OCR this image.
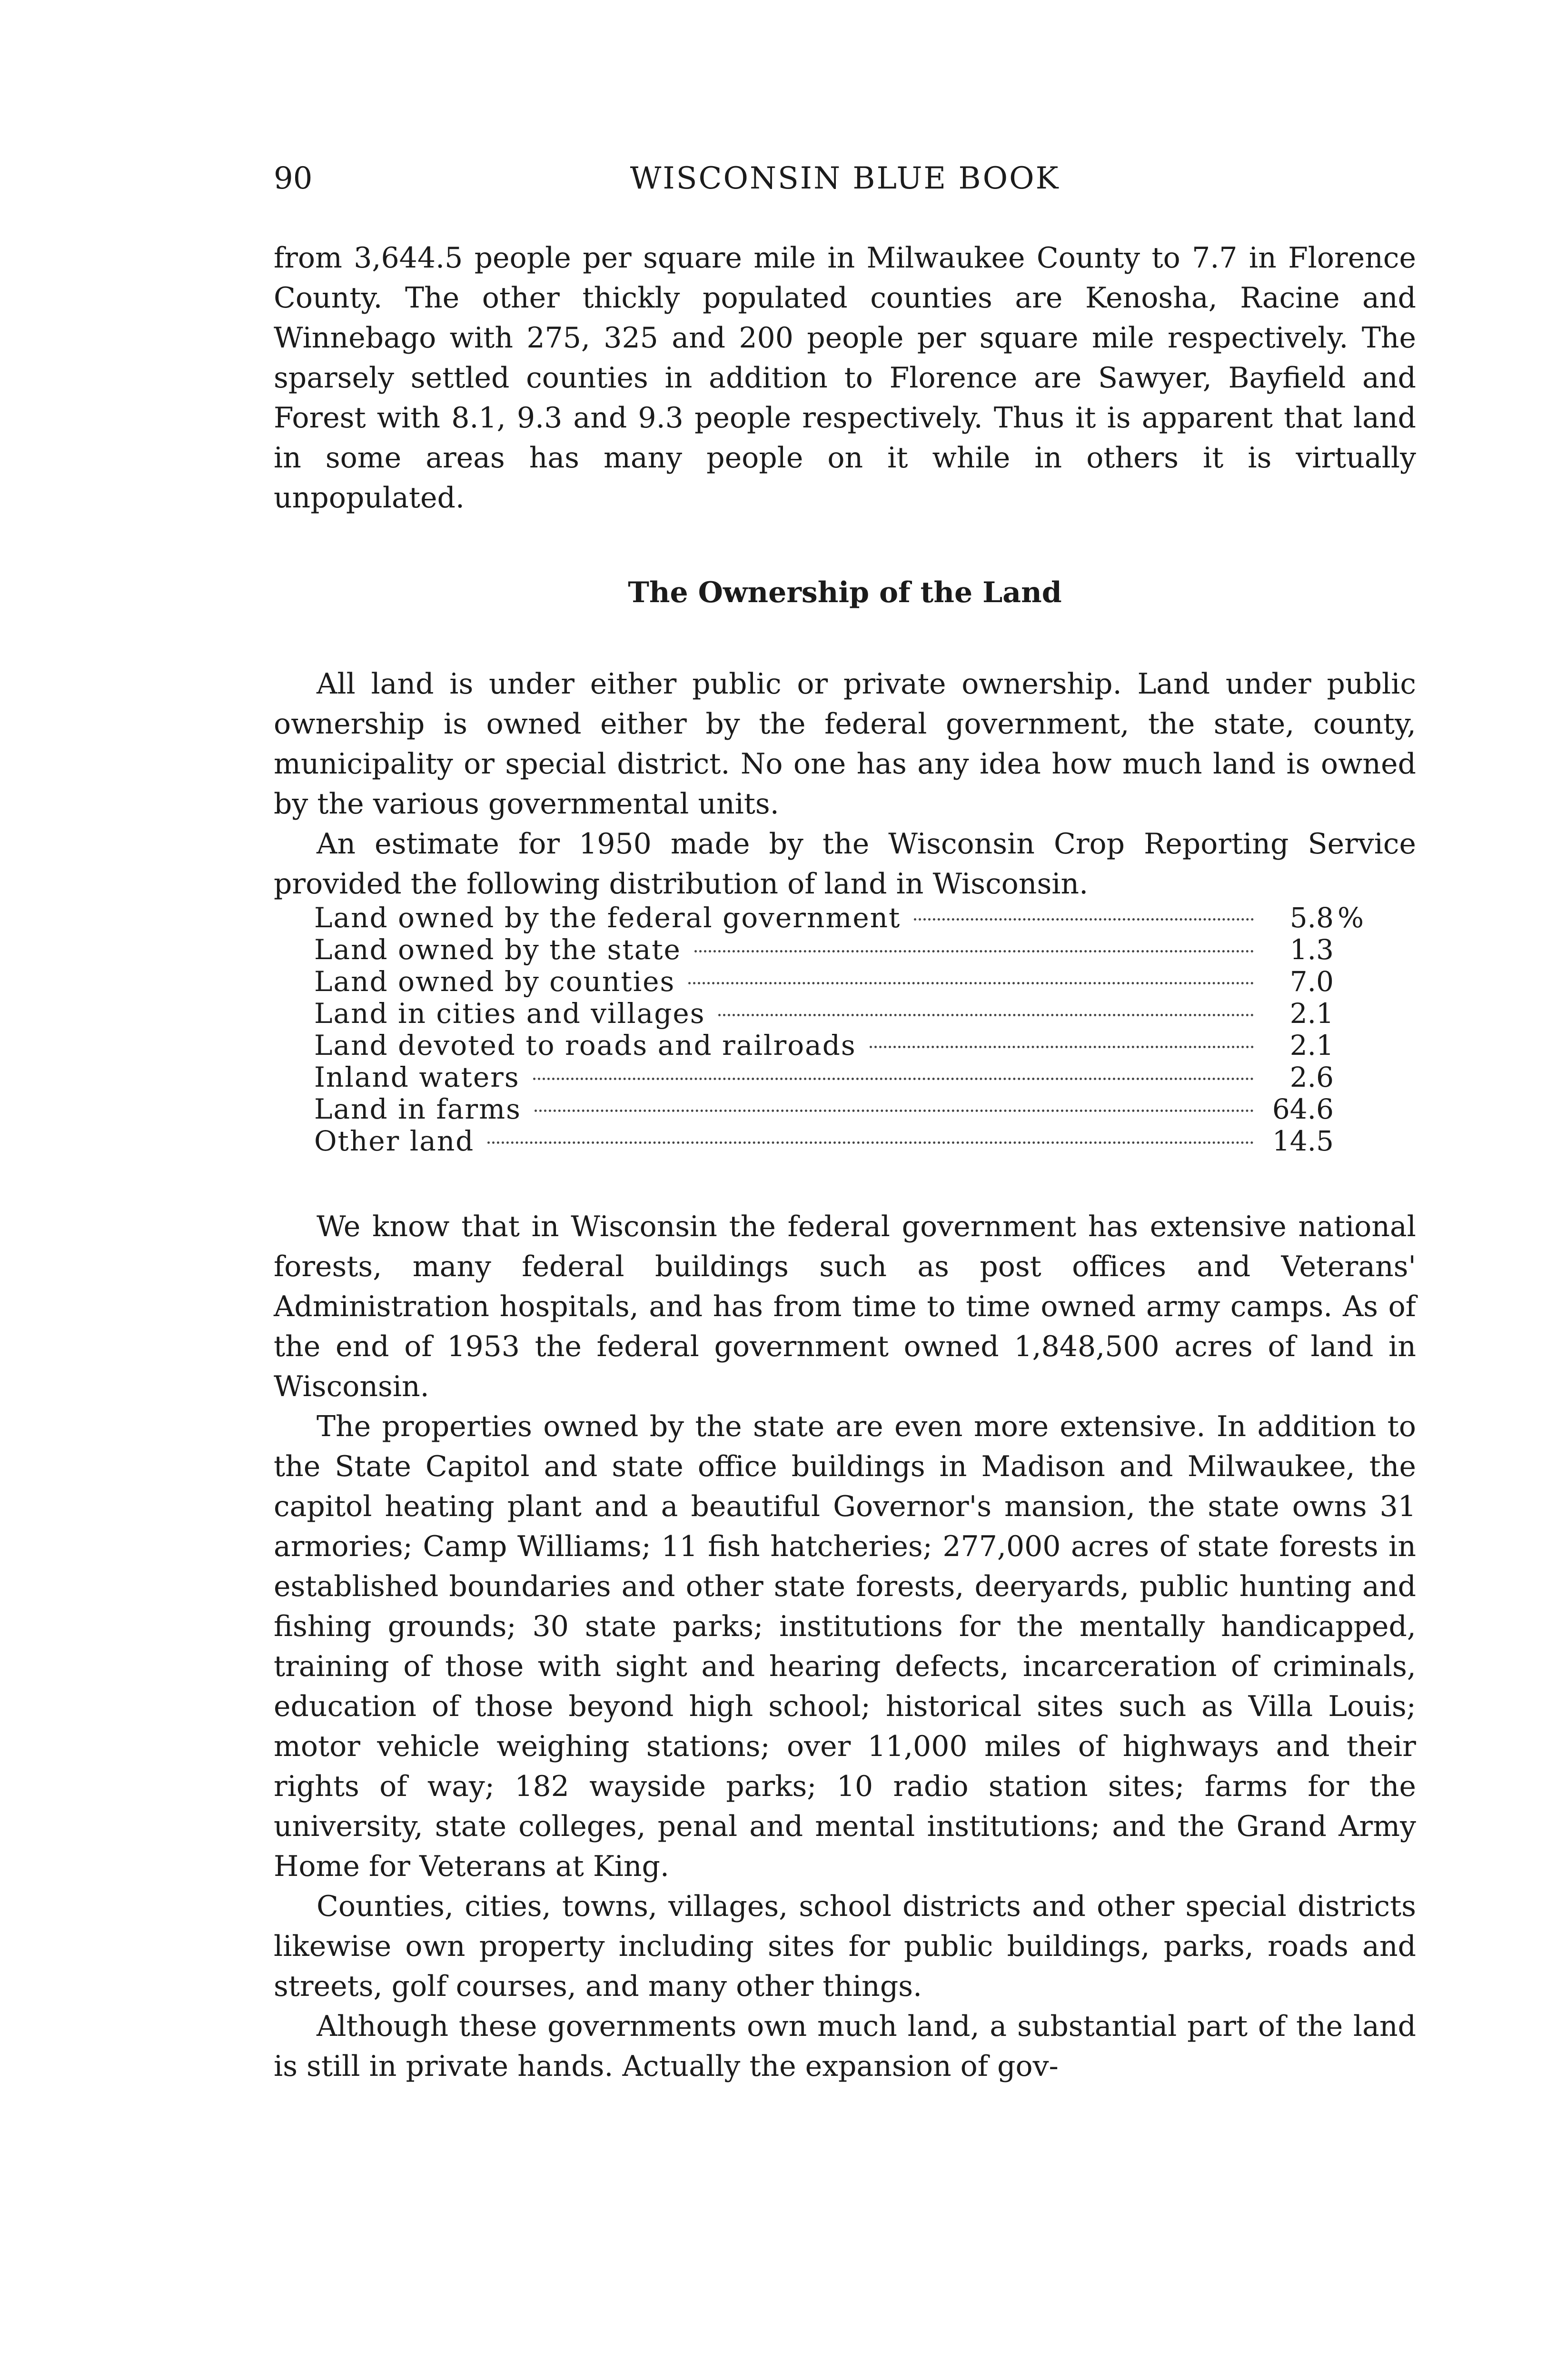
90	WISCONSIN BLUE BOOK

from 3,644.5 people per square mile in Milwaukee County to 7.7 in Florence County. The other thickly populated counties are Kenosha, Racine and Winnebago with 275, 325 and 200 people per square mile respectively. The sparsely settled counties in addition to Florence are Sawyer, Bayfield and Forest with 8.1, 9.3 and 9.3 people respectively. Thus it is apparent that land in some areas has many people on it while in others it is virtually unpopulated.

The Ownership of the Land

All land is under either public or private ownership. Land under public ownership is owned either by the federal government, the state, county, municipality or special district. No one has any idea how much land is owned by the various governmental units.

An estimate for 1950 made by the Wisconsin Crop Reporting Service provided the following distribution of land in Wisconsin.

Land owned by the federal government	5.8 %
Land owned by the state	1.3
Land owned by counties	7.0
Land in cities and villages	2.1
Land devoted to roads and railroads	2.1
Inland waters	2.6
Land in farms	64.6
Other land	14.5

We know that in Wisconsin the federal government has extensive national forests, many federal buildings such as post offices and Veterans' Administration hospitals, and has from time to time owned army camps. As of the end of 1953 the federal government owned 1,848,500 acres of land in Wisconsin.

The properties owned by the state are even more extensive. In addition to the State Capitol and state office buildings in Madison and Milwaukee, the capitol heating plant and a beautiful Governor's mansion, the state owns 31 armories; Camp Williams; 11 fish hatcheries; 277,000 acres of state forests in established boundaries and other state forests, deeryards, public hunting and fishing grounds; 30 state parks; institutions for the mentally handicapped, training of those with sight and hearing defects, incarceration of criminals, education of those beyond high school; historical sites such as Villa Louis; motor vehicle weighing stations; over 11,000 miles of highways and their rights of way; 182 wayside parks; 10 radio station sites; farms for the university, state colleges, penal and mental institutions; and the Grand Army Home for Veterans at King.

Counties, cities, towns, villages, school districts and other special districts likewise own property including sites for public buildings, parks, roads and streets, golf courses, and many other things.

Although these governments own much land, a substantial part of the land is still in private hands. Actually the expansion of gov-
